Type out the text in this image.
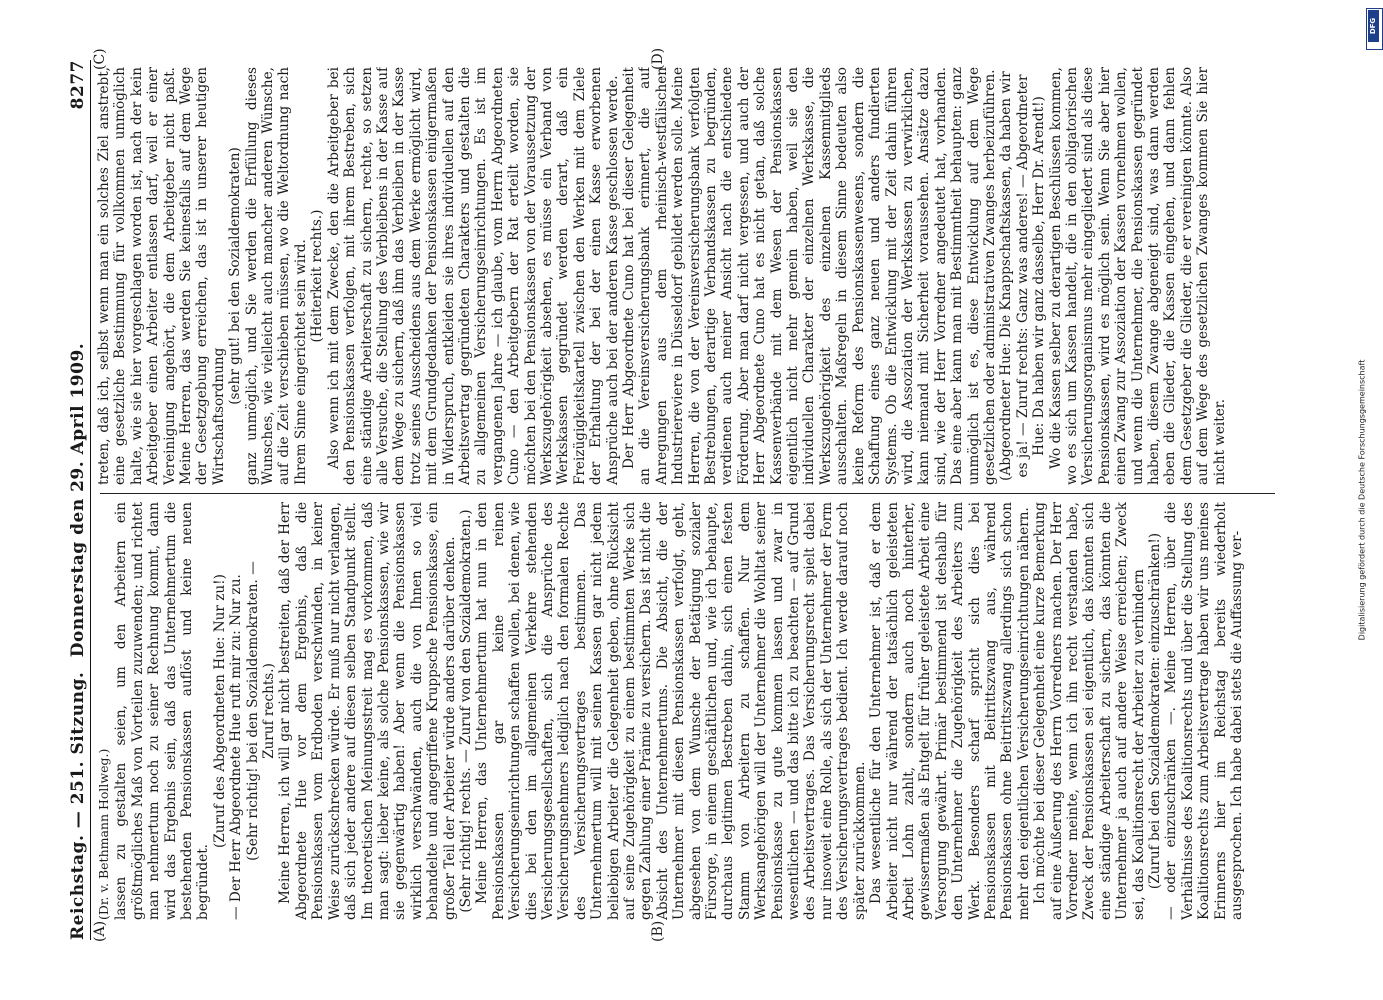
Reichstag. — 251. Sitzung.
Donnerstag den 29. April 1909.
8277
(A)	(B)
(C)	(D)

(Dr. v. Bethmann Hollweg.) lassen zu gestalten seien, um den Arbeitern ein größtmögliches Maß von Vorteilen zuzuwenden; und richtet man nehmertum noch zu seiner Rechnung kommt, dann wird das Ergebnis sein, daß das Unternehmertum die bestehenden Pensionskassen auflöst und keine neuen begründet.

(Zuruf des Abgeordneten Hue: Nur zu!) — Der Herr Abgeordnete Hue ruft mir zu: Nur zu. (Sehr richtig! bei den Sozialdemokraten. — Zuruf rechts.) Meine Herren, ich will gar nicht bestreiten, daß der Herr Abgeordnete Hue vor dem Ergebnis, daß die Pensionskassen vom Erdboden verschwinden, in keiner Weise zurückschrecken würde. Er muß nur nicht verlangen, daß sich jeder andere auf diesen selben Standpunkt stellt. Im theoretischen Meinungsstreit mag es vorkommen, daß man sagt: lieber keine, als solche Pensionskassen, wie wir sie gegenwärtig haben! Aber wenn die Pensionskassen wirklich verschwänden, auch die von Ihnen so viel behandelte und angegriffene Kruppsche Pensionskasse, ein großer Teil der Arbeiter würde anders darüber denken. (Sehr richtig! rechts. — Zuruf von den Sozialdemokraten.) Meine Herren, das Unternehmertum hat nun in den Pensionskassen gar keine reinen Versicherungseinrichtungen schaffen wollen, bei denen, wie dies bei den im allgemeinen Verkehre stehenden Versicherungsgesellschaften, sich die Ansprüche des Versicherungsnehmers lediglich nach den formalen Rechte des Versicherungsvertrages bestimmen. Das Unternehmertum will mit seinen Kassen gar nicht jedem beliebigen Arbeiter die Gelegenheit geben, ohne Rücksicht auf seine Zugehörigkeit zu einem bestimmten Werke sich gegen Zahlung einer Prämie zu versichern. Das ist nicht die Absicht des Unternehmertums. Die Absicht, die der Unternehmer mit diesen Pensionskassen verfolgt, geht, abgesehen von dem Wunsche der Betätigung sozialer Fürsorge, in einem geschäftlichen und, wie ich behaupte, durchaus legitimen Bestreben dahin, sich einen festen Stamm von Arbeitern zu schaffen. Nur dem Werksangehörigen will der Unternehmer die Wohltat seiner Pensionskasse zu gute kommen lassen und zwar in wesentlichen — und das bitte ich zu beachten — auf Grund des Arbeitsvertrages. Das Versicherungsrecht spielt dabei nur insoweit eine Rolle, als sich der Unternehmer der Form des Versicherungsvertrages bedient. Ich werde darauf noch später zurückkommen. Das wesentliche für den Unternehmer ist, daß er dem Arbeiter nicht nur während der tatsächlich geleisteten Arbeit Lohn zahlt, sondern auch noch hinterher, gewissermaßen als Entgelt für früher geleistete Arbeit eine Versorgung gewährt. Primär bestimmend ist deshalb für den Unternehmer die Zugehörigkeit des Arbeiters zum Werk. Besonders scharf spricht sich dies bei Pensionskassen mit Beitrittszwang aus, während Pensionskassen ohne Beitrittszwang allerdings sich schon mehr den eigentlichen Versicherungseinrichtungen nähern. Ich möchte bei dieser Gelegenheit eine kurze Bemerkung auf eine Äußerung des Herrn Vorredners machen. Der Herr Vorredner meinte, wenn ich ihn recht verstanden habe, Zweck der Pensionskassen sei eigentlich, das könnten sich eine ständige Arbeiterschaft zu sichern, das könnten die Unternehmer ja auch auf andere Weise erreichen; Zweck sei, das Koalitionsrecht der Arbeiter zu verhindern (Zuruf bei den Sozialdemokraten: einzuschränken!) — oder einzuschränken —. Meine Herren, über die Verhältnisse des Koalitionsrechts und über die Stellung des Koalitionsrechts zum Arbeitsvertrage haben wir uns meines Erinnerns hier im Reichstag bereits wiederholt ausgesprochen. Ich habe dabei stets die Auffassung ver-

treten, daß ich, selbst wenn man ein solches Ziel anstrebt, eine gesetzliche Bestimmung für vollkommen unmöglich halte, wie sie hier vorgeschlagen worden ist, nach der kein Arbeitgeber einen Arbeiter entlassen darf, weil er einer Vereinigung angehört, die dem Arbeitgeber nicht paßt. Meine Herren, das werden Sie keinesfalls auf dem Wege der Gesetzgebung erreichen, das ist in unserer heutigen Wirtschaftsordnung

(sehr gut! bei den Sozialdemokraten) ganz unmöglich, und Sie werden die Erfüllung dieses Wunsches, wie vielleicht auch mancher anderen Wünsche, auf die Zeit verschieben müssen, wo die Weltordnung nach Ihrem Sinne eingerichtet sein wird. (Heiterkeit rechts.) Also wenn ich mit dem Zwecke, den die Arbeitgeber bei den Pensionskassen verfolgen, mit ihrem Bestreben, sich eine ständige Arbeiterschaft zu sichern, rechte, so setzen alle Versuche, die Stellung des Verbleibens in der Kasse auf dem Wege zu sichern, daß ihm das Verbleiben in der Kasse trotz seines Ausscheidens aus dem Werke ermöglicht wird, mit dem Grundgedanken der Pensionskassen einigermaßen in Widerspruch, entkleiden sie ihres individuellen auf den Arbeitsvertrag gegründeten Charakters und gestalten die zu allgemeinen Versicherungseinrichtungen. Es ist im vergangenen Jahre — ich glaube, vom Herrn Abgeordneten Cuno — den Arbeitgebern der Rat erteilt worden, sie möchten bei den Pensionskassen von der Voraussetzung der Werkszugehörigkeit absehen, es müsse ein Verband von Werkskassen gegründet werden derart, daß ein Freizügigkeitskartell zwischen den Werken mit dem Ziele der Erhaltung der bei der einen Kasse erworbenen Ansprüche auch bei der anderen Kasse geschlossen werde. Der Herr Abgeordnete Cuno hat bei dieser Gelegenheit an die Vereinsversicherungsbank erinnert, die auf Anregungen aus dem rheinisch-westfälischen Industriereviere in Düsseldorf gebildet werden solle. Meine Herren, die von der Vereinsversicherungsbank verfolgten Bestrebungen, derartige Verbandskassen zu begründen, verdienen auch meiner Ansicht nach die entschiedene Förderung. Aber man darf nicht vergessen, und auch der Herr Abgeordnete Cuno hat es nicht getan, daß solche Kassenverbände mit dem Wesen der Pensionskassen eigentlich nicht mehr gemein haben, weil sie den individuellen Charakter der einzelnen Werkskasse, die Werkszugehörigkeit des einzelnen Kassenmitglieds ausschalten. Maßregeln in diesem Sinne bedeuten also keine Reform des Pensionskassenwesens, sondern die Schaffung eines ganz neuen und anders fundierten Systems. Ob die Entwicklung mit der Zeit dahin führen wird, die Assoziation der Werkskassen zu verwirklichen, kann niemand mit Sicherheit voraussehen. Ansätze dazu sind, wie der Herr Vorredner angedeutet hat, vorhanden. Das eine aber kann man mit Bestimmtheit behaupten: ganz unmöglich ist es, diese Entwicklung auf dem Wege gesetzlichen oder administrativen Zwanges herbeizuführen. (Abgeordneter Hue: Die Knappschaftskassen, da haben wir es ja! — Zuruf rechts: Ganz was anderes! — Abgeordneter Hue: Da haben wir ganz dasselbe, Herr Dr. Arendt!) Wo die Kassen selber zu derartigen Beschlüssen kommen, wo es sich um Kassen handelt, die in den obligatorischen Versicherungsorganismus mehr eingegliedert sind als diese Pensionskassen, wird es möglich sein. Wenn Sie aber hier einen Zwang zur Assoziation der Kassen vornehmen wollen, und wenn die Unternehmer, die Pensionskassen gegründet haben, diesem Zwange abgeneigt sind, was dann werden eben die Glieder, die Kassen eingehen, und dann fehlen dem Gesetzgeber die Glieder, die er vereinigen könnte. Also auf dem Wege des gesetzlichen Zwanges kommen Sie hier nicht weiter.

DFG
Digitalisierung gefördert durch die Deutsche Forschungsgemeinschaft
